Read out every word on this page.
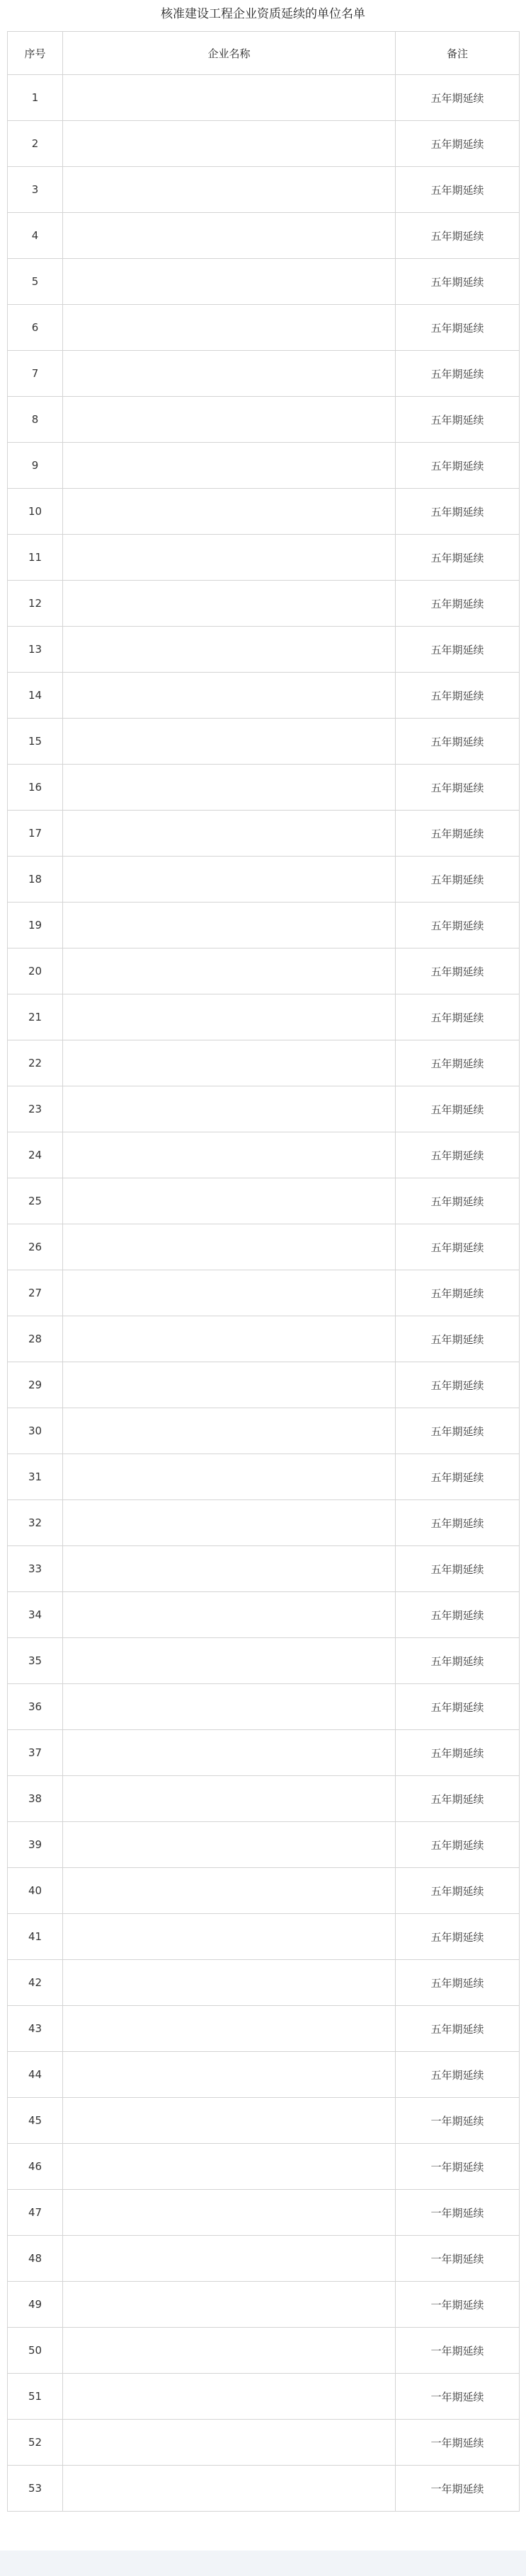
核准建设工程企业资质延续的单位名单
序号	企业名称	备注
1		五年期延续
2		五年期延续
3		五年期延续
4		五年期延续
5		五年期延续
6		五年期延续
7		五年期延续
8		五年期延续
9		五年期延续
10		五年期延续
11		五年期延续
12		五年期延续
13		五年期延续
14		五年期延续
15		五年期延续
16		五年期延续
17		五年期延续
18		五年期延续
19		五年期延续
20		五年期延续
21		五年期延续
22		五年期延续
23		五年期延续
24		五年期延续
25		五年期延续
26		五年期延续
27		五年期延续
28		五年期延续
29		五年期延续
30		五年期延续
31		五年期延续
32		五年期延续
33		五年期延续
34		五年期延续
35		五年期延续
36		五年期延续
37		五年期延续
38		五年期延续
39		五年期延续
40		五年期延续
41		五年期延续
42		五年期延续
43		五年期延续
44		五年期延续
45		一年期延续
46		一年期延续
47		一年期延续
48		一年期延续
49		一年期延续
50		一年期延续
51		一年期延续
52		一年期延续
53		一年期延续
